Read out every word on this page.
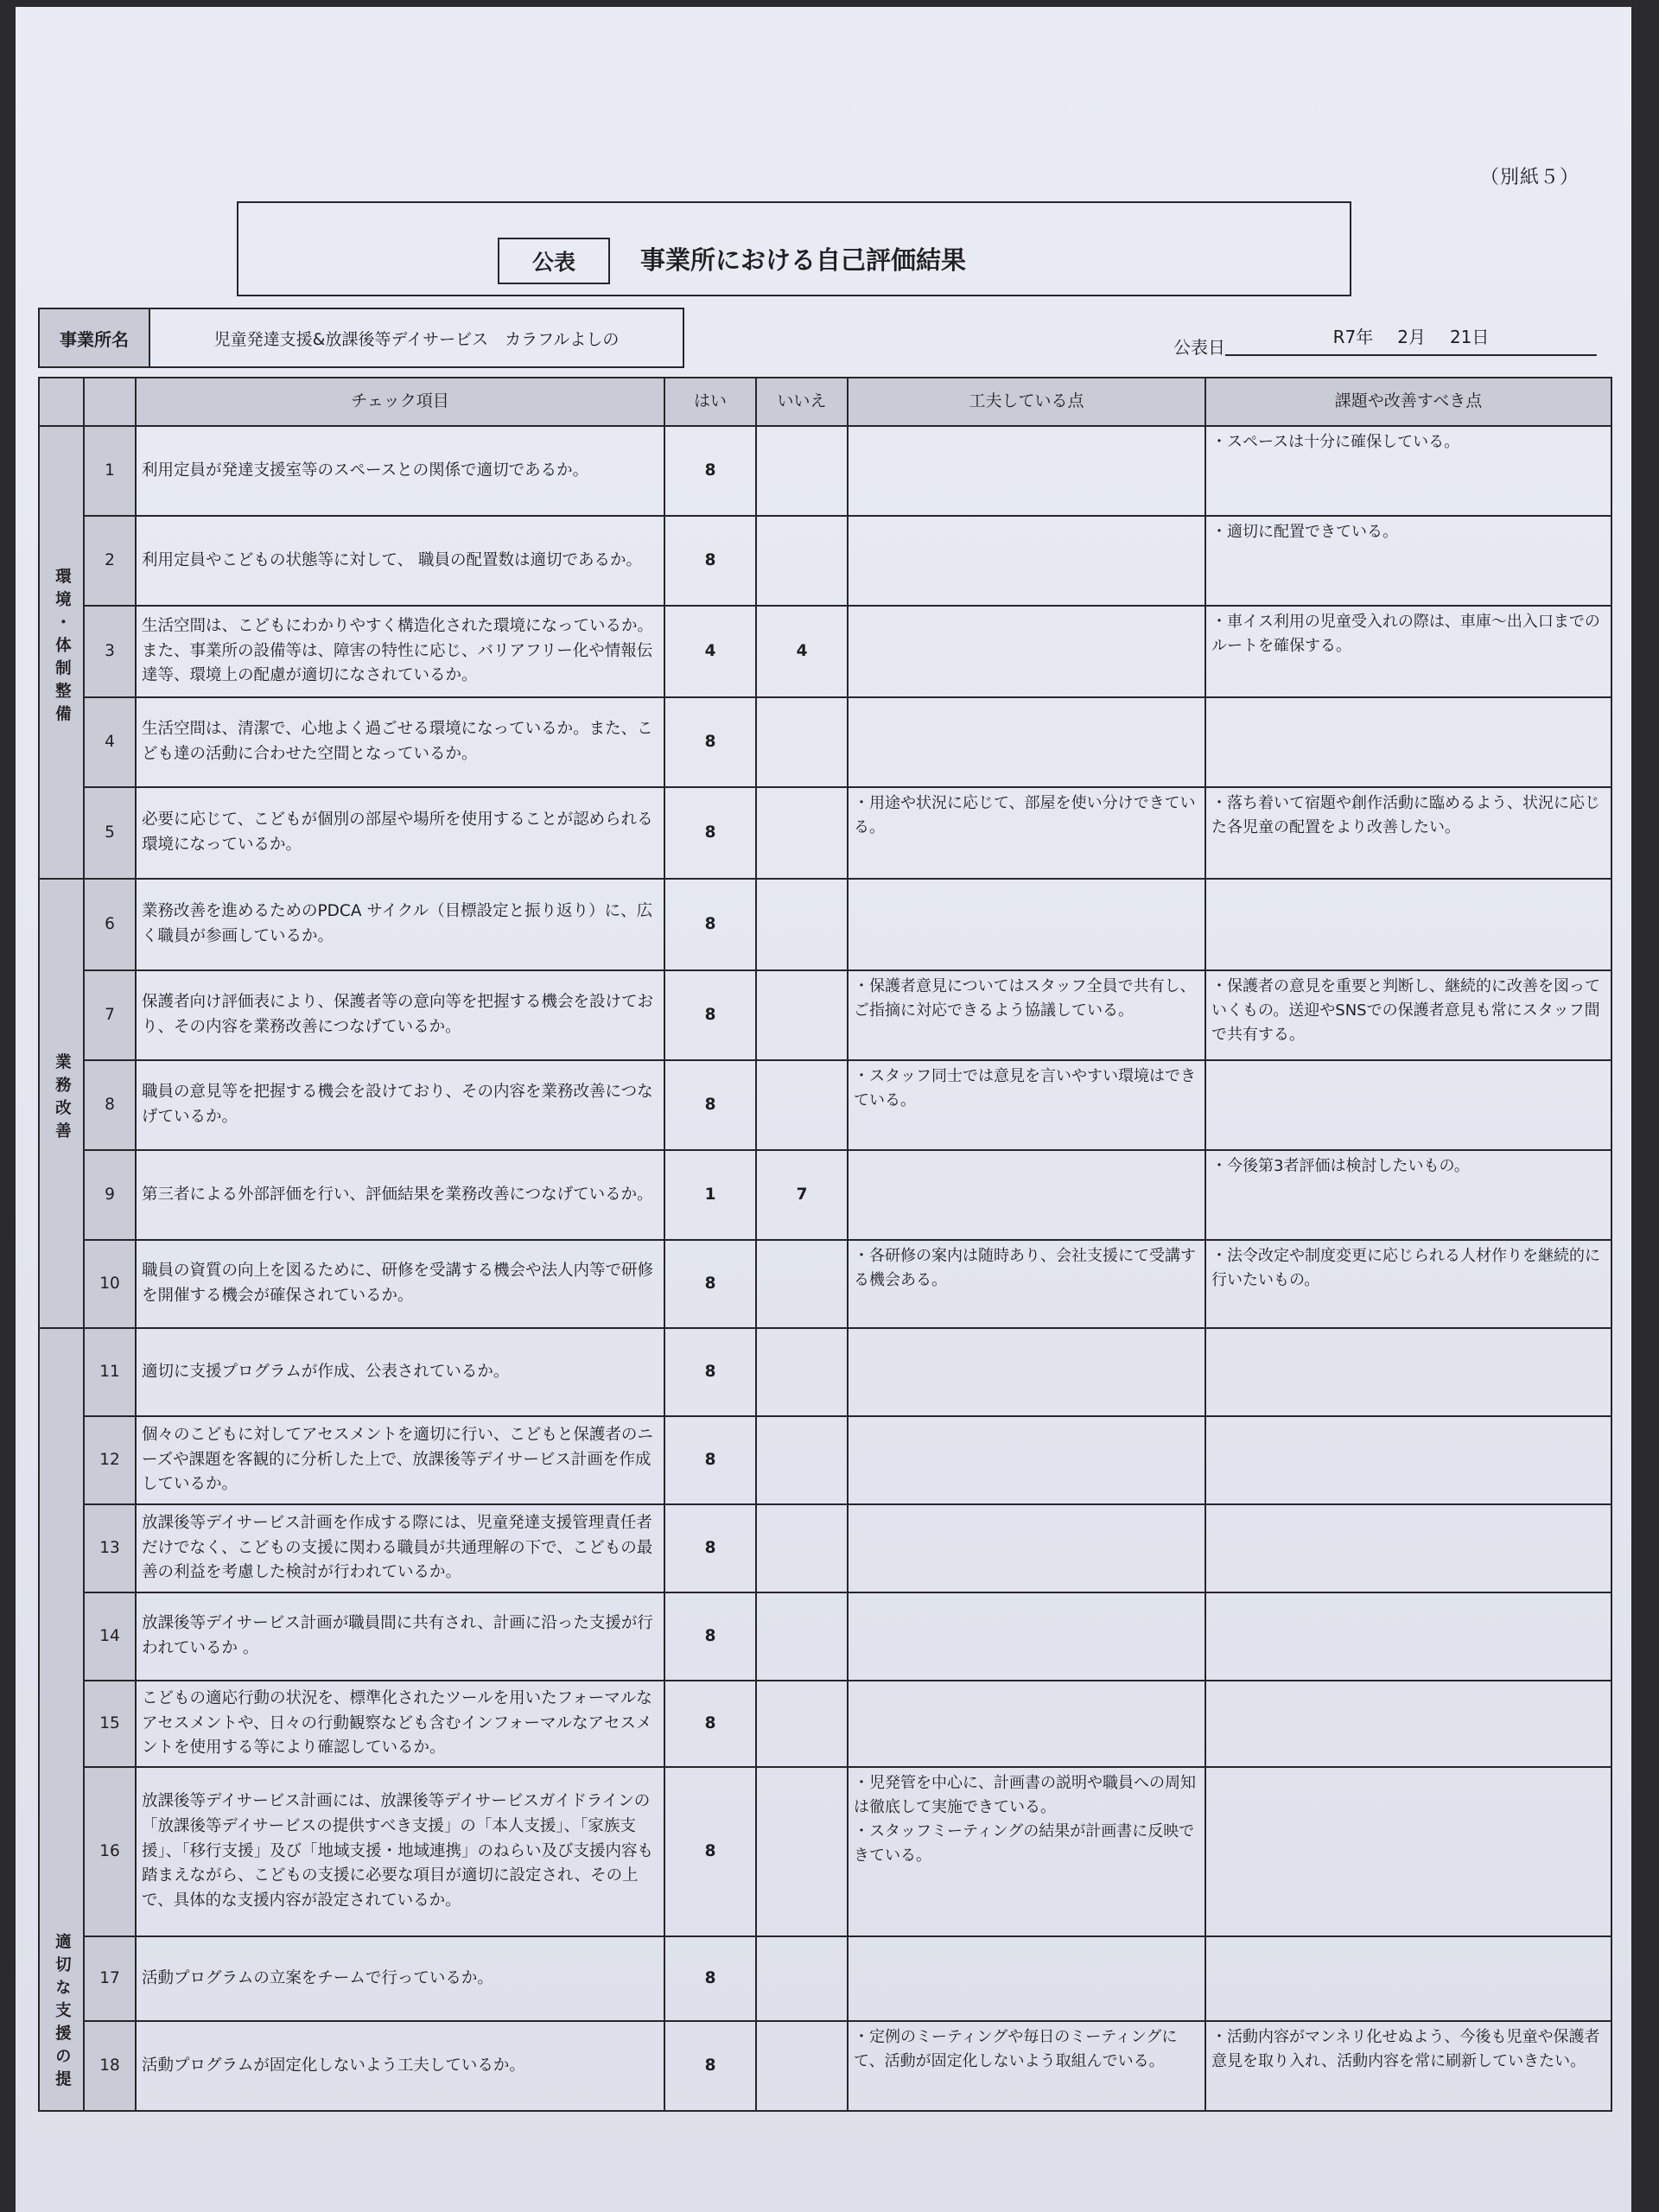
（別紙５）
公表	事業所における自己評価結果
事業所名	児童発達支援&放課後等デイサービス　カラフルよしの	公表日	R7年 2月 21日
		チェック項目	はい	いいえ	工夫している点	課題や改善すべき点
環境・体制整備	1	利用定員が発達支援室等のスペースとの関係で適切であるか。	8			・スペースは十分に確保している。
	2	利用定員やこどもの状態等に対して、 職員の配置数は適切であるか。	8			・適切に配置できている。
	3	生活空間は、こどもにわかりやすく構造化された環境になっているか。また、事業所の設備等は、障害の特性に応じ、バリアフリー化や情報伝達等、環境上の配慮が適切になされているか。	4	4		・車イス利用の児童受入れの際は、車庫～出入口までのルートを確保する。
	4	生活空間は、清潔で、心地よく過ごせる環境になっているか。また、こども達の活動に合わせた空間となっているか。	8			
	5	必要に応じて、こどもが個別の部屋や場所を使用することが認められる環境になっているか。	8		・用途や状況に応じて、部屋を使い分けできている。	・落ち着いて宿題や創作活動に臨めるよう、状況に応じた各児童の配置をより改善したい。
業務改善	6	業務改善を進めるためのPDCA サイクル（目標設定と振り返り）に、広く職員が参画しているか。	8			
	7	保護者向け評価表により、保護者等の意向等を把握する機会を設けており、その内容を業務改善につなげているか。	8		・保護者意見についてはスタッフ全員で共有し、ご指摘に対応できるよう協議している。	・保護者の意見を重要と判断し、継続的に改善を図っていくもの。送迎やSNSでの保護者意見も常にスタッフ間で共有する。
	8	職員の意見等を把握する機会を設けており、その内容を業務改善につなげているか。	8		・スタッフ同士では意見を言いやすい環境はできている。	
	9	第三者による外部評価を行い、評価結果を業務改善につなげているか。	1	7		・今後第3者評価は検討したいもの。
	10	職員の資質の向上を図るために、研修を受講する機会や法人内等で研修を開催する機会が確保されているか。	8		・各研修の案内は随時あり、会社支援にて受講する機会ある。	・法令改定や制度変更に応じられる人材作りを継続的に行いたいもの。
適切な支援の提	11	適切に支援プログラムが作成、公表されているか。	8			
	12	個々のこどもに対してアセスメントを適切に行い、こどもと保護者のニーズや課題を客観的に分析した上で、放課後等デイサービス計画を作成しているか。	8			
	13	放課後等デイサービス計画を作成する際には、児童発達支援管理責任者だけでなく、こどもの支援に関わる職員が共通理解の下で、こどもの最善の利益を考慮した検討が行われているか。	8			
	14	放課後等デイサービス計画が職員間に共有され、計画に沿った支援が行われているか 。	8			
	15	こどもの適応行動の状況を、標準化されたツールを用いたフォーマルなアセスメントや、日々の行動観察なども含むインフォーマルなアセスメントを使用する等により確認しているか。	8			
	16	放課後等デイサービス計画には、放課後等デイサービスガイドラインの「放課後等デイサービスの提供すべき支援」の「本人支援」、「家族支援」、「移行支援」及び「地域支援・地域連携」のねらい及び支援内容も踏まえながら、こどもの支援に必要な項目が適切に設定され、その上で、具体的な支援内容が設定されているか。	8		・児発管を中心に、計画書の説明や職員への周知は徹底して実施できている。
・スタッフミーティングの結果が計画書に反映できている。	
	17	活動プログラムの立案をチームで行っているか。	8			
	18	活動プログラムが固定化しないよう工夫しているか。	8		・定例のミーティングや毎日のミーティングにて、活動が固定化しないよう取組んでいる。	・活動内容がマンネリ化せぬよう、今後も児童や保護者意見を取り入れ、活動内容を常に刷新していきたい。
